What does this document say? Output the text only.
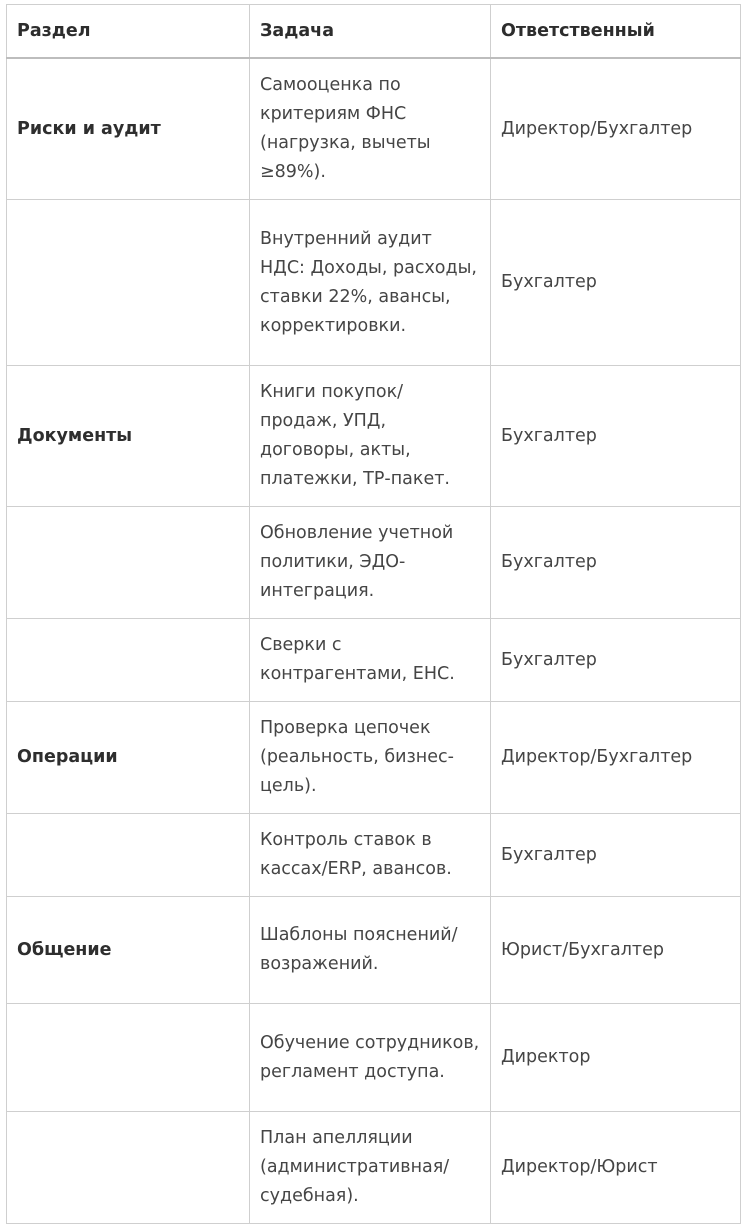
Раздел	Задача	Ответственный
Риски и аудит	Самооценка по критериям ФНС (нагрузка, вычеты ≥89%).	Директор/Бухгалтер
	Внутренний аудит НДС: Доходы, расходы, ставки 22%, авансы, корректировки.	Бухгалтер
Документы	Книги покупок/ продаж, УПД, договоры, акты, платежки, ТР-пакет.	Бухгалтер
	Обновление учетной политики, ЭДО-интеграция.	Бухгалтер
	Сверки с контрагентами, ЕНС.	Бухгалтер
Операции	Проверка цепочек (реальность, бизнес-цель).	Директор/Бухгалтер
	Контроль ставок в кассах/ERP, авансов.	Бухгалтер
Общение	Шаблоны пояснений/ возражений.	Юрист/Бухгалтер
	Обучение сотрудников, регламент доступа.	Директор
	План апелляции (административная/ судебная).	Директор/Юрист
